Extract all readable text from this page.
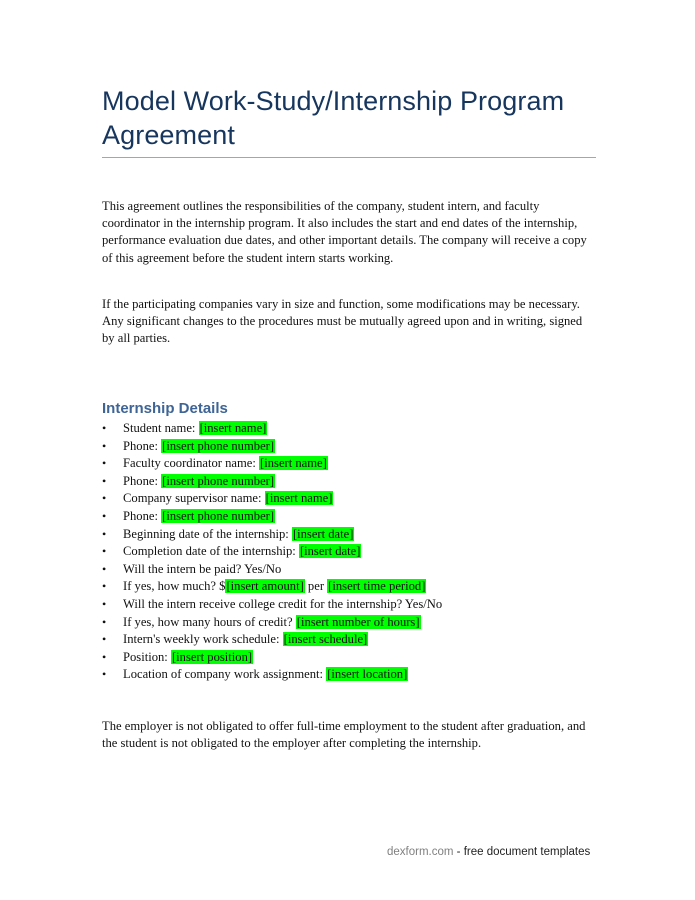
Model Work-Study/Internship Program Agreement

This agreement outlines the responsibilities of the company, student intern, and faculty coordinator in the internship program. It also includes the start and end dates of the internship, performance evaluation due dates, and other important details. The company will receive a copy of this agreement before the student intern starts working.

If the participating companies vary in size and function, some modifications may be necessary. Any significant changes to the procedures must be mutually agreed upon and in writing, signed by all parties.

Internship Details
• Student name: [insert name]
• Phone: [insert phone number]
• Faculty coordinator name: [insert name]
• Phone: [insert phone number]
• Company supervisor name: [insert name]
• Phone: [insert phone number]
• Beginning date of the internship: [insert date]
• Completion date of the internship: [insert date]
• Will the intern be paid? Yes/No
• If yes, how much? $[insert amount] per [insert time period]
• Will the intern receive college credit for the internship? Yes/No
• If yes, how many hours of credit? [insert number of hours]
• Intern's weekly work schedule: [insert schedule]
• Position: [insert position]
• Location of company work assignment: [insert location]

The employer is not obligated to offer full-time employment to the student after graduation, and the student is not obligated to the employer after completing the internship.

dexform.com - free document templates
